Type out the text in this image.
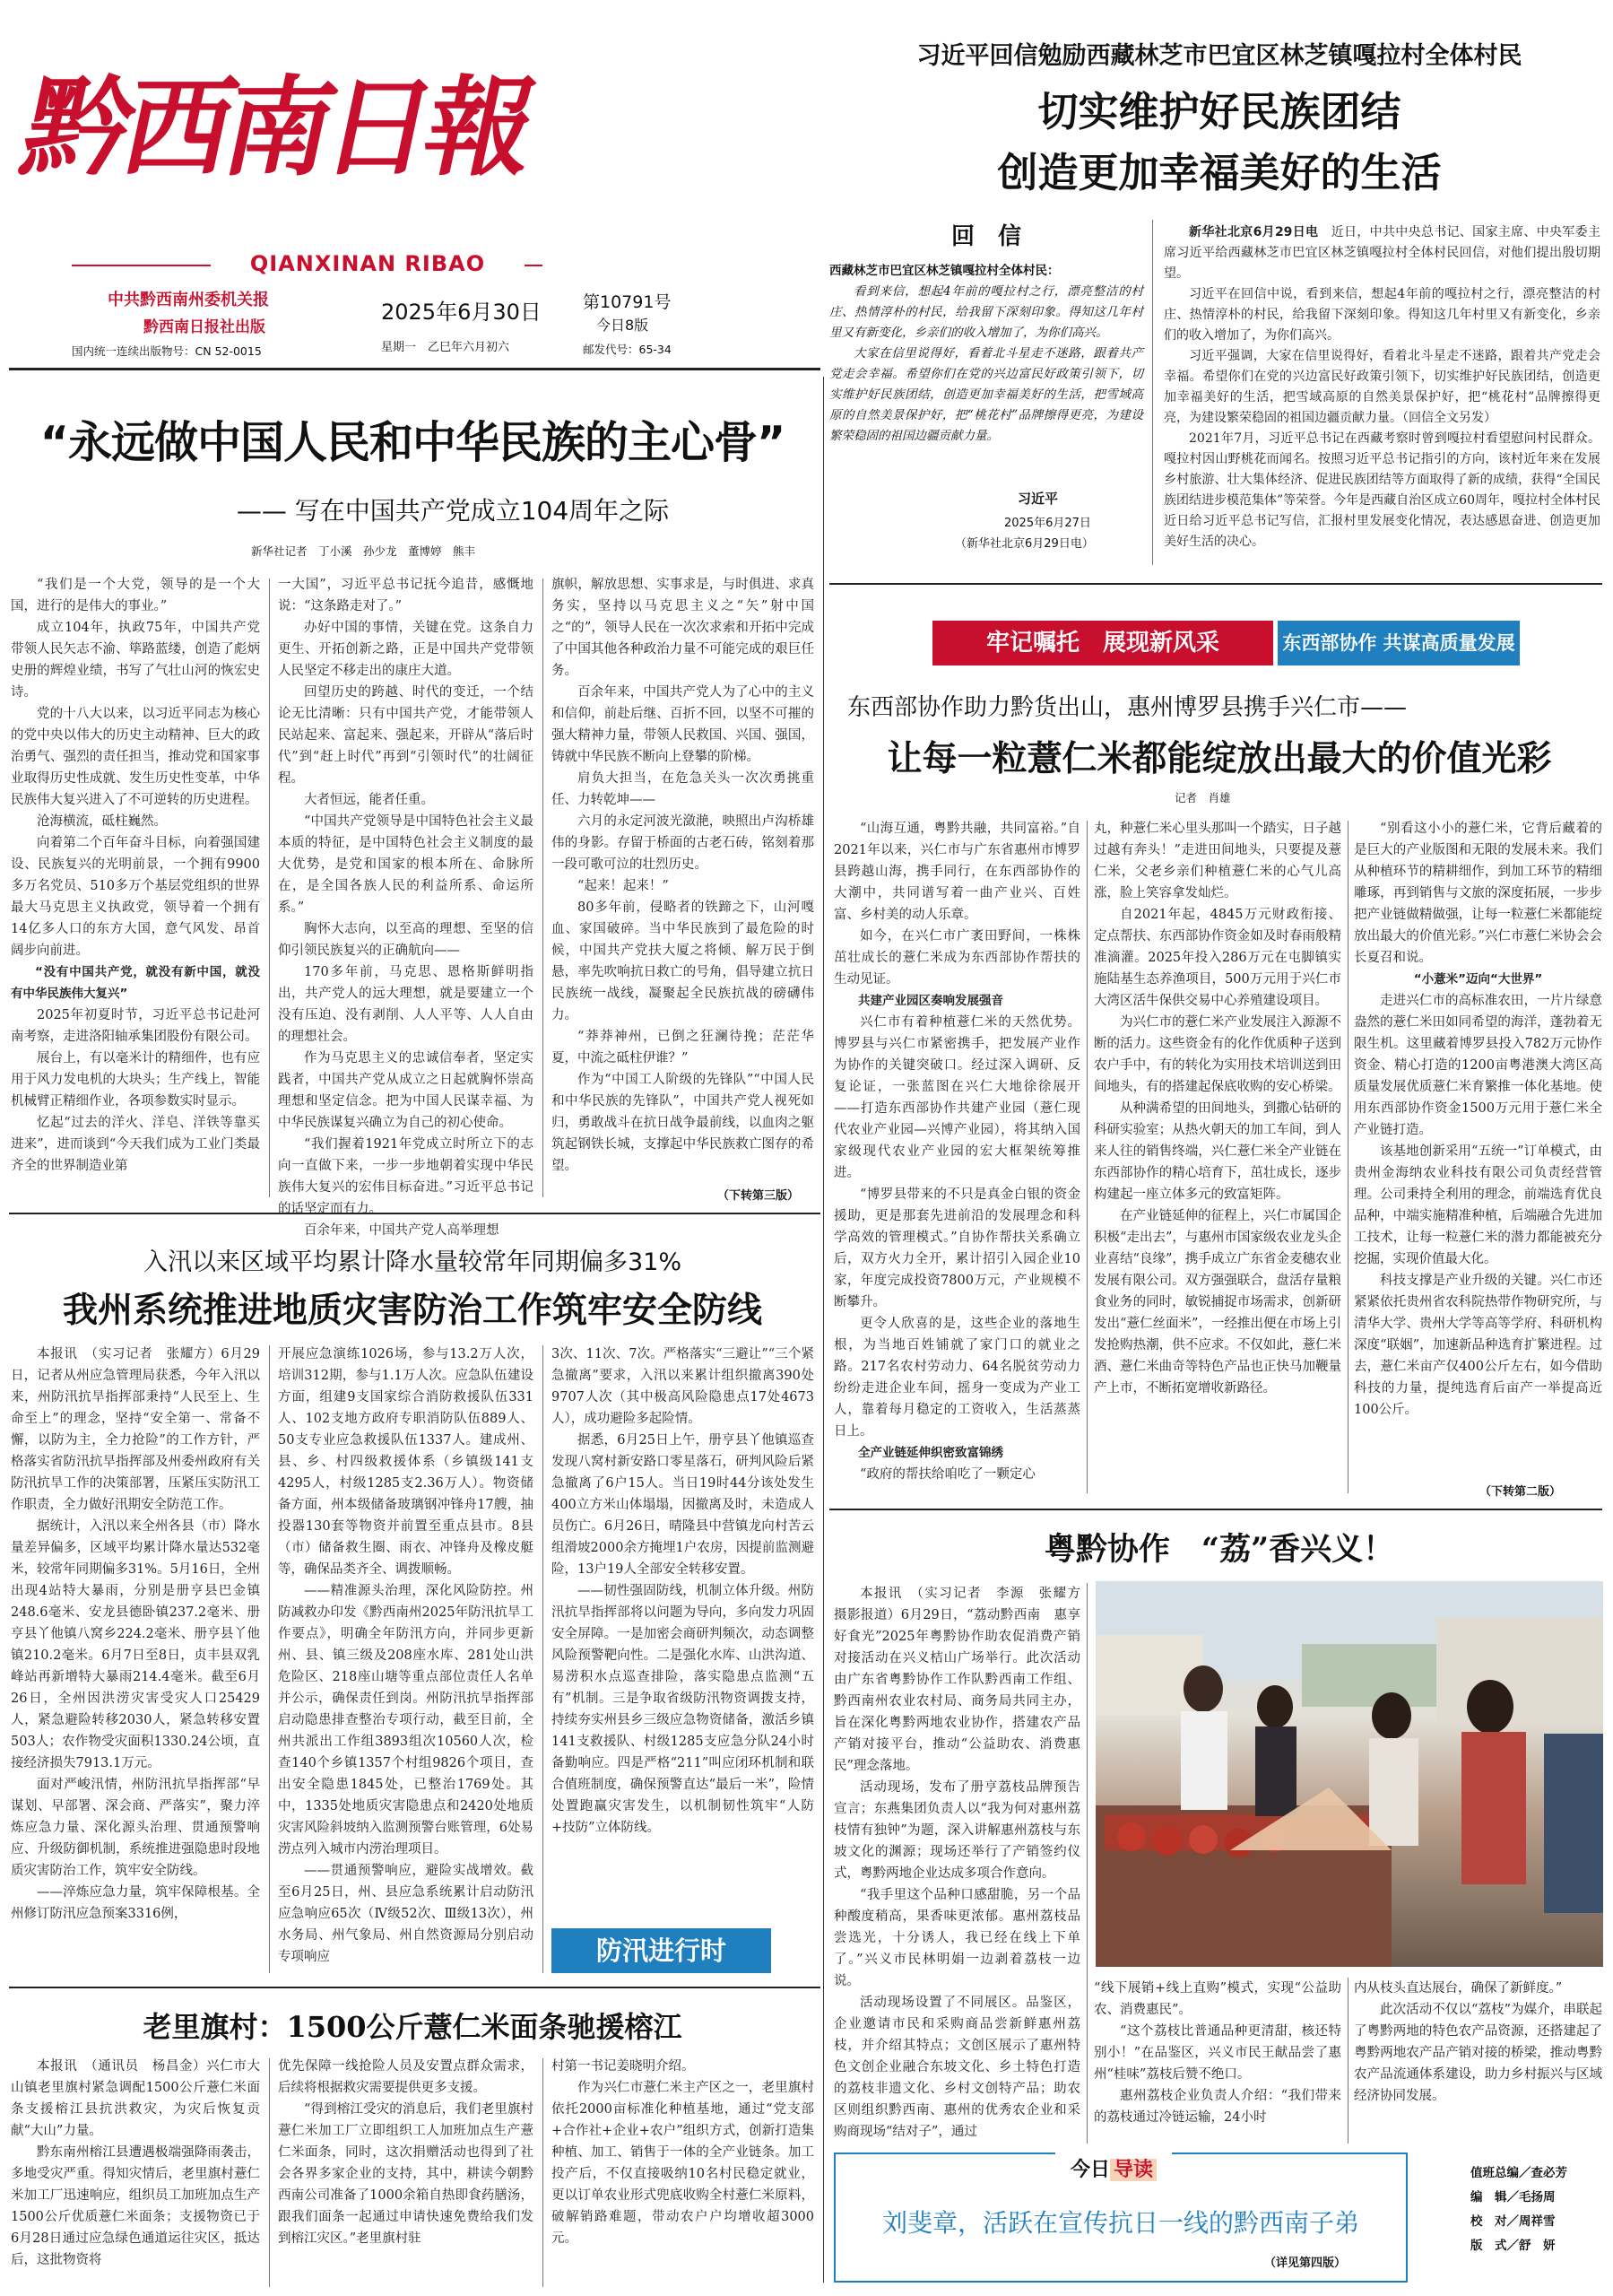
黔西南日報
QIANXINAN RIBAO
中共黔西南州委机关报
黔西南日报社出版
国内统一连续出版物号：CN 52-0015
2025年6月30日
星期一　乙巳年六月初六
第10791号
今日8版
邮发代号：65-34
习近平回信勉励西藏林芝市巴宜区林芝镇嘎拉村全体村民
切实维护好民族团结
创造更加幸福美好的生活
回　信
西藏林芝市巴宜区林芝镇嘎拉村全体村民：
看到来信，想起4年前的嘎拉村之行，漂亮整洁的村庄、热情淳朴的村民，给我留下深刻印象。得知这几年村里又有新变化，乡亲们的收入增加了，为你们高兴。
大家在信里说得好，看着北斗星走不迷路，跟着共产党走会幸福。希望你们在党的兴边富民好政策引领下，切实维护好民族团结，创造更加幸福美好的生活，把雪域高原的自然美景保护好，把“桃花村”品牌擦得更亮，为建设繁荣稳固的祖国边疆贡献力量。
习近平
2025年6月27日
（新华社北京6月29日电）

新华社北京6月29日电　 近日，中共中央总书记、国家主席、中央军委主席习近平给西藏林芝市巴宜区林芝镇嘎拉村全体村民回信，对他们提出殷切期望。

习近平在回信中说，看到来信，想起4年前的嘎拉村之行，漂亮整洁的村庄、热情淳朴的村民，给我留下深刻印象。得知这几年村里又有新变化，乡亲们的收入增加了，为你们高兴。

习近平强调，大家在信里说得好，看着北斗星走不迷路，跟着共产党走会幸福。希望你们在党的兴边富民好政策引领下，切实维护好民族团结，创造更加幸福美好的生活，把雪域高原的自然美景保护好，把“桃花村”品牌擦得更亮，为建设繁荣稳固的祖国边疆贡献力量。（回信全文另发）

2021年7月，习近平总书记在西藏考察时曾到嘎拉村看望慰问村民群众。嘎拉村因山野桃花而闻名。按照习近平总书记指引的方向，该村近年来在发展乡村旅游、壮大集体经济、促进民族团结等方面取得了新的成绩，获得“全国民族团结进步模范集体”等荣誉。今年是西藏自治区成立60周年，嘎拉村全体村民近日给习近平总书记写信，汇报村里发展变化情况，表达感恩奋进、创造更加美好生活的决心。

“永远做中国人民和中华民族的主心骨”
—— 写在中国共产党成立104周年之际
新华社记者　丁小溪　孙少龙　董博婷　熊丰

“我们是一个大党，领导的是一个大国，进行的是伟大的事业。”

成立104年，执政75年，中国共产党带领人民矢志不渝、筚路蓝缕，创造了彪炳史册的辉煌业绩，书写了气壮山河的恢宏史诗。

党的十八大以来，以习近平同志为核心的党中央以伟大的历史主动精神、巨大的政治勇气、强烈的责任担当，推动党和国家事业取得历史性成就、发生历史性变革，中华民族伟大复兴进入了不可逆转的历史进程。

沧海横流，砥柱巍然。

向着第二个百年奋斗目标，向着强国建设、民族复兴的光明前景，一个拥有9900多万名党员、510多万个基层党组织的世界最大马克思主义执政党，领导着一个拥有14亿多人口的东方大国，意气风发、昂首阔步向前进。

“没有中国共产党，就没有新中国，就没有中华民族伟大复兴”

2025年初夏时节，习近平总书记赴河南考察，走进洛阳轴承集团股份有限公司。

展台上，有以毫米计的精细件，也有应用于风力发电机的大块头；生产线上，智能机械臂正精细作业，各项参数实时显示。

忆起“过去的洋火、洋皂、洋铁等靠买进来”，进而谈到“今天我们成为工业门类最齐全的世界制造业第

一大国”，习近平总书记抚今追昔，感慨地说：“这条路走对了。”

办好中国的事情，关键在党。这条自力更生、开拓创新之路，正是中国共产党带领人民坚定不移走出的康庄大道。

回望历史的跨越、时代的变迁，一个结论无比清晰：只有中国共产党，才能带领人民站起来、富起来、强起来，开辟从“落后时代”到“赶上时代”再到“引领时代”的壮阔征程。

大者恒远，能者任重。

“中国共产党领导是中国特色社会主义最本质的特征，是中国特色社会主义制度的最大优势，是党和国家的根本所在、命脉所在，是全国各族人民的利益所系、命运所系。”

胸怀大志向，以至高的理想、至坚的信仰引领民族复兴的正确航向——

170多年前，马克思、恩格斯鲜明指出，共产党人的远大理想，就是要建立一个没有压迫、没有剥削、人人平等、人人自由的理想社会。

作为马克思主义的忠诚信奉者，坚定实践者，中国共产党从成立之日起就胸怀崇高理想和坚定信念。把为中国人民谋幸福、为中华民族谋复兴确立为自己的初心使命。

“我们握着1921年党成立时所立下的志向一直做下来，一步一步地朝着实现中华民族伟大复兴的宏伟目标奋进。”习近平总书记的话坚定而有力。

百余年来，中国共产党人高举理想

旗帜，解放思想、实事求是，与时俱进、求真务实，坚持以马克思主义之“矢”射中国之“的”，领导人民在一次次求索和开拓中完成了中国其他各种政治力量不可能完成的艰巨任务。

百余年来，中国共产党人为了心中的主义和信仰，前赴后继、百折不回，以坚不可摧的强大精神力量，带领人民救国、兴国、强国，铸就中华民族不断向上登攀的阶梯。

肩负大担当，在危急关头一次次勇挑重任、力转乾坤——

六月的永定河波光潋滟，映照出卢沟桥雄伟的身影。存留于桥面的古老石砖，铭刻着那一段可歌可泣的壮烈历史。

“起来！起来！”

80多年前，侵略者的铁蹄之下，山河嘎血、家国破碎。当中华民族到了最危险的时候，中国共产党扶大厦之将倾、解万民于倒悬，率先吹响抗日救亡的号角，倡导建立抗日民族统一战线，凝聚起全民族抗战的磅礴伟力。

“莽莽神州，已倒之狂澜待挽；茫茫华夏，中流之砥柱伊谁？”

作为“中国工人阶级的先锋队”“中国人民和中华民族的先锋队”，中国共产党人视死如归，勇敢战斗在抗日战争最前线，以血肉之躯筑起钢铁长城，支撑起中华民族救亡图存的希望。

（下转第三版）
牢记嘱托　展现新风采	东西部协作 共谋高质量发展
东西部协作助力黔货出山，惠州博罗县携手兴仁市——
让每一粒薏仁米都能绽放出最大的价值光彩
记者　肖雄

“山海互通，粤黔共融，共同富裕。”自2021年以来，兴仁市与广东省惠州市博罗县跨越山海，携手同行，在东西部协作的大潮中，共同谱写着一曲产业兴、百姓富、乡村美的动人乐章。

如今，在兴仁市广袤田野间，一株株茁壮成长的薏仁米成为东西部协作帮扶的生动见证。

共建产业园区奏响发展强音

兴仁市有着种植薏仁米的天然优势。博罗县与兴仁市紧密携手，把发展产业作为协作的关键突破口。经过深入调研、反复论证，一张蓝图在兴仁大地徐徐展开——打造东西部协作共建产业园（薏仁现代农业产业园—兴博产业园），将其纳入国家级现代农业产业园的宏大框架统筹推进。

“博罗县带来的不只是真金白银的资金援助，更是那套先进前沿的发展理念和科学高效的管理模式。”自协作帮扶关系确立后，双方火力全开，累计招引入园企业10家，年度完成投资7800万元，产业规模不断攀升。

更令人欣喜的是，这些企业的落地生根，为当地百姓铺就了家门口的就业之路。217名农村劳动力、64名脱贫劳动力纷纷走进企业车间，摇身一变成为产业工人，靠着每月稳定的工资收入，生活蒸蒸日上。

全产业链延伸织密致富锦绣

“政府的帮扶给咱吃了一颗定心

丸，种薏仁米心里头那叫一个踏实，日子越过越有奔头！”走进田间地头，只要提及薏仁米，父老乡亲们种植薏仁米的心气儿高涨，脸上笑容拿发灿烂。

自2021年起，4845万元财政衔接、定点帮扶、东西部协作资金如及时春雨般精准滴灌。2025年投入286万元在屯脚镇实施陆基生态养渔项目，500万元用于兴仁市大湾区活牛保供交易中心养殖建设项目。

为兴仁市的薏仁米产业发展注入源源不断的活力。这些资金有的化作优质种子送到农户手中，有的转化为实用技术培训送到田间地头，有的搭建起保底收购的安心桥梁。

从种满希望的田间地头，到撒心钻研的科研实验室；从热火朝天的加工车间，到人来人往的销售终端，兴仁薏仁米全产业链在东西部协作的精心培育下，茁壮成长，逐步构建起一座立体多元的致富矩阵。

在产业链延伸的征程上，兴仁市属国企积极“走出去”，与惠州市国家级农业龙头企业喜结“良缘”，携手成立广东省金麦穗农业发展有限公司。双方强强联合，盘活存量粮食业务的同时，敏锐捕捉市场需求，创新研发出“薏仁丝面米”，一经推出便在市场上引发抢购热潮，供不应求。不仅如此，薏仁米酒、薏仁米曲奇等特色产品也正快马加鞭量产上市，不断拓宽增收新路径。

“别看这小小的薏仁米，它背后藏着的是巨大的产业版图和无限的发展未来。我们从种植环节的精耕细作，到加工环节的精细雕琢，再到销售与文旅的深度拓展，一步步把产业链做精做强，让每一粒薏仁米都能绽放出最大的价值光彩。”兴仁市薏仁米协会会长夏召和说。

“小薏米”迈向“大世界”

走进兴仁市的高标准农田，一片片绿意盎然的薏仁米田如同希望的海洋，蓬勃着无限生机。这里藏着博罗县投入782万元协作资金、精心打造的1200亩粤港澳大湾区高质量发展优质薏仁米育繁推一体化基地。使用东西部协作资金1500万元用于薏仁米全产业链打造。

该基地创新采用“五统一”订单模式，由贵州金海纳农业科技有限公司负责经营管理。公司秉持全利用的理念，前端选育优良品种，中端实施精准种植，后端融合先进加工技术，让每一粒薏仁米的潜力都能被充分挖掘，实现价值最大化。

科技支撑是产业升级的关键。兴仁市还紧紧依托贵州省农科院热带作物研究所，与清华大学、贵州大学等高等学府、科研机构深度“联姻”，加速新品种选育扩繁进程。过去，薏仁米亩产仅400公斤左右，如今借助科技的力量，提纯选育后亩产一举提高近100公斤。

（下转第二版）
入汛以来区域平均累计降水量较常年同期偏多31%
我州系统推进地质灾害防治工作筑牢安全防线

本报讯　（实习记者　张耀方）6月29日，记者从州应急管理局获悉，今年入汛以来，州防汛抗旱指挥部秉持“人民至上、生命至上”的理念，坚持“安全第一、常备不懈，以防为主，全力抢险”的工作方针，严格落实省防汛抗旱指挥部及州委州政府有关防汛抗旱工作的决策部署，压紧压实防汛工作职责，全力做好汛期安全防范工作。

据统计，入汛以来全州各县（市）降水量差异偏多，区域平均累计降水量达532毫米，较常年同期偏多31%。5月16日，全州出现4站特大暴雨，分别是册亨县巴金镇248.6毫米、安龙县德卧镇237.2毫米、册亨县丫他镇八窝乡224.2毫米、册亨县丫他镇210.2毫米。6月7日至8日，贞丰县双乳峰站再新增特大暴雨214.4毫米。截至6月26日，全州因洪涝灾害受灾人口25429人，紧急避险转移2030人，紧急转移安置503人；农作物受灾面积1330.24公顷，直接经济损失7913.1万元。

面对严峻汛情，州防汛抗旱指挥部“早谋划、早部署、深会商、严落实”，聚力淬炼应急力量、深化源头治理、贯通预警响应、升级防御机制，系统推进强隐患时段地质灾害防治工作，筑牢安全防线。

——淬炼应急力量，筑牢保障根基。全州修订防汛应急预案3316例，

开展应急演练1026场，参与13.2万人次，培训312期，参与1.1万人次。应急队伍建设方面，组建9支国家综合消防救援队伍331人、102支地方政府专职消防队伍889人、50支专业应急救援队伍1337人。建成州、县、乡、村四级救援体系（乡镇级141支4295人，村级1285支2.36万人）。物资储备方面，州本级储备玻璃钢冲锋舟17艘，抽投器130套等物资并前置至重点县市。8县（市）储备救生圈、雨衣、冲锋舟及橡皮艇等，确保品类齐全、调拨顺畅。

——精准源头治理，深化风险防控。州防减救办印发《黔西南州2025年防汛抗旱工作要点》，明确全年防汛方向，并同步更新州、县、镇三级及208座水库、281处山洪危险区、218座山塘等重点部位责任人名单并公示，确保责任到岗。州防汛抗旱指挥部启动隐患排查整治专项行动，截至目前，全州共派出工作组3893组次10560人次，检查140个乡镇1357个村组9826个项目，查出安全隐患1845处，已整治1769处。其中，1335处地质灾害隐患点和2420处地质灾害风险斜坡纳入监测预警台账管理，6处易涝点列入城市内涝治理项目。

——贯通预警响应，避险实战增效。截至6月25日，州、县应急系统累计启动防汛应急响应65次（Ⅳ级52次、Ⅲ级13次），州水务局、州气象局、州自然资源局分别启动专项响应

3次、11次、7次。严格落实“三避让”“三个紧急撤离”要求，入汛以来累计组织撤离390处9707人次（其中极高风险隐患点17处4673人），成功避险多起险情。

据悉，6月25日上午，册亨县丫他镇巡查发现八窝村新安路口零星落石，研判风险后紧急撤离了6户15人。当日19时44分该处发生400立方米山体塌塌，因撤离及时，未造成人员伤亡。6月26日，晴隆县中营镇龙向村苦云组滑坡2000余方掩埋1户农房，因提前监测避险，13户19人全部安全转移安置。

——韧性强固防线，机制立体升级。州防汛抗旱指挥部将以问题为导向，多向发力巩固安全屏障。一是加密会商研判频次，动态调整风险预警靶向性。二是强化水库、山洪沟道、易涝积水点巡查排险，落实隐患点监测“五有”机制。三是争取省级防汛物资调拨支持，持续夯实州县乡三级应急物资储备，激活乡镇141支救援队、村级1285支应急分队24小时备勤响应。四是严格“211”叫应闭环机制和联合值班制度，确保预警直达“最后一米”，险情处置跑赢灾害发生，以机制韧性筑牢“人防+技防”立体防线。

防汛进行时
老里旗村：1500公斤薏仁米面条驰援榕江

本报讯　（通讯员　杨昌金）兴仁市大山镇老里旗村紧急调配1500公斤薏仁米面条支援榕江县抗洪救灾，为灾后恢复贡献“大山”力量。

黔东南州榕江县遭遇极端强降雨袭击，多地受灾严重。得知灾情后，老里旗村薏仁米加工厂迅速响应，组织员工加班加点生产1500公斤优质薏仁米面条；支援物资已于6月28日通过应急绿色通道运往灾区，抵达后，这批物资将

优先保障一线抢险人员及安置点群众需求，后续将根据救灾需要提供更多支援。

“得到榕江受灾的消息后，我们老里旗村薏仁米加工厂立即组织工人加班加点生产薏仁米面条，同时，这次捐赠活动也得到了社会各界多家企业的支持，其中，耕读今朝黔西南公司准备了1000余箱自热即食药膳汤，跟我们面条一起通过申请快速免费给我们发到榕江灾区。”老里旗村驻

村第一书记姜晓明介绍。

作为兴仁市薏仁米主产区之一，老里旗村依托2000亩标准化种植基地，通过“党支部+合作社+企业+农户”组织方式，创新打造集种植、加工、销售于一体的全产业链条。加工投产后，不仅直接吸纳10名村民稳定就业，更以订单农业形式兜底收购全村薏仁米原料，破解销路难题，带动农户户均增收超3000元。

粤黔协作　“荔”香兴义！

本报讯　（实习记者　李源　张耀方　摄影报道）6月29日，“荔动黔西南　惠享好食光”2025年粤黔协作助农促消费产销对接活动在兴义桔山广场举行。此次活动由广东省粤黔协作工作队黔西南工作组、黔西南州农业农村局、商务局共同主办，旨在深化粤黔两地农业协作，搭建农产品产销对接平台，推动“公益助农、消费惠民”理念落地。

活动现场，发布了册亨荔枝品牌预告宣言；东燕集团负责人以“我为何对惠州荔枝情有独钟”为题，深入讲解惠州荔枝与东坡文化的渊源；现场还举行了产销签约仪式，粤黔两地企业达成多项合作意向。

“我手里这个品种口感甜脆，另一个品种酸度稍高，果香味更浓郁。惠州荔枝品尝选光，十分诱人，我已经在线上下单了。”兴义市民林明娟一边剥着荔枝一边说。

活动现场设置了不同展区。品鉴区，企业邀请市民和采购商品尝新鲜惠州荔枝，并介绍其特点；文创区展示了惠州特色文创企业融合东坡文化、乡土特色打造的荔枝非遗文化、乡村文创特产品；助农区则组织黔西南、惠州的优秀农企业和采购商现场“结对子”，通过

“线下展销+线上直购”模式，实现“公益助农、消费惠民”。

“这个荔枝比普通品种更清甜，核还特别小！”在品鉴区，兴义市民王献品尝了惠州“桂味”荔枝后赞不绝口。

惠州荔枝企业负责人介绍：“我们带来的荔枝通过冷链运输，24小时

内从枝头直达展台，确保了新鲜度。”

此次活动不仅以“荔枝”为媒介，串联起了粤黔两地的特色农产品资源，还搭建起了粤黔两地农产品产销对接的桥梁，推动粤黔农产品流通体系建设，助力乡村振兴与区域经济协同发展。

今日 导读
刘斐章，活跃在宣传抗日一线的黔西南子弟
（详见第四版）
值班总编／查必芳
编　辑／毛扬周
校　对／周祥雪
版　式／舒　妍
